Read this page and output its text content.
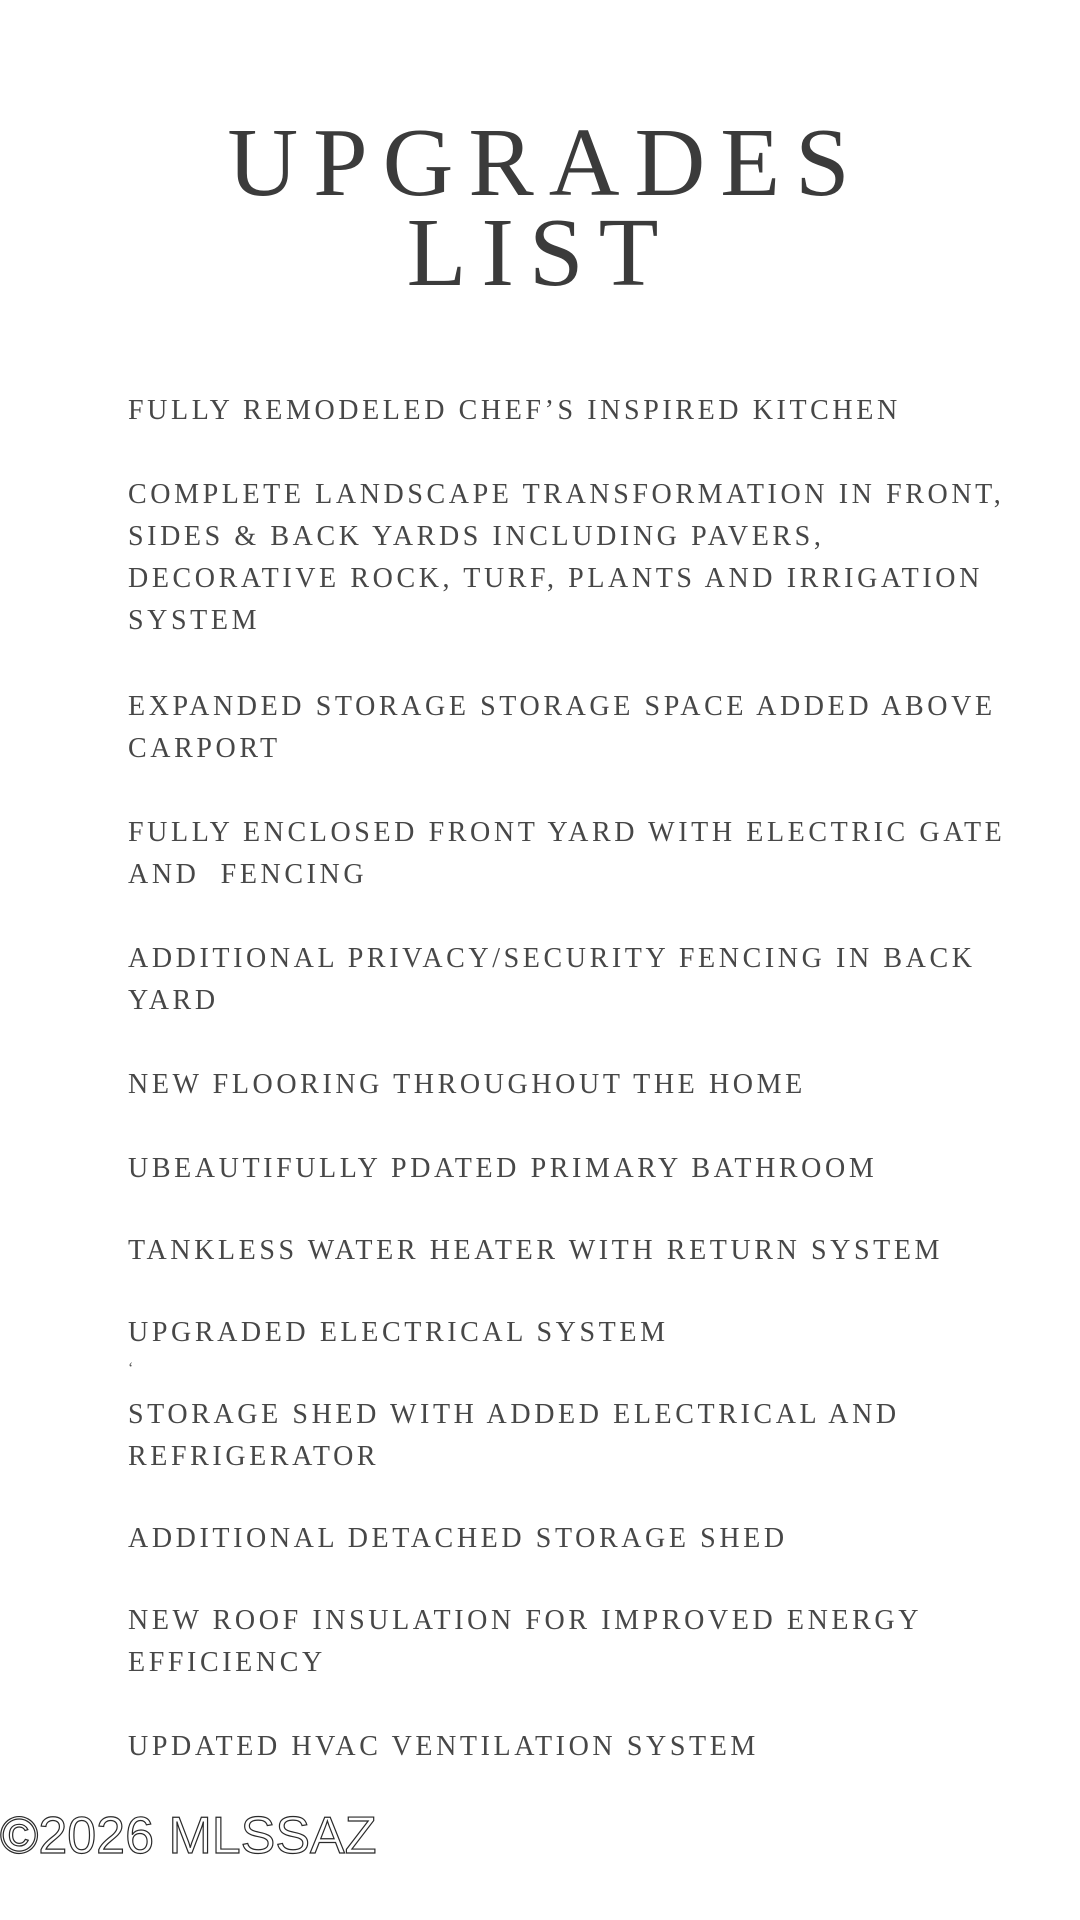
UPGRADES
LIST
FULLY REMODELED CHEF’S INSPIRED KITCHEN
COMPLETE LANDSCAPE TRANSFORMATION IN FRONT,
SIDES & BACK YARDS INCLUDING PAVERS,
DECORATIVE ROCK, TURF, PLANTS AND IRRIGATION
SYSTEM
EXPANDED STORAGE STORAGE SPACE ADDED ABOVE
CARPORT
FULLY ENCLOSED FRONT YARD WITH ELECTRIC GATE
AND  FENCING
ADDITIONAL PRIVACY/SECURITY FENCING IN BACK
YARD
NEW FLOORING THROUGHOUT THE HOME
UBEAUTIFULLY PDATED PRIMARY BATHROOM
TANKLESS WATER HEATER WITH RETURN SYSTEM
UPGRADED ELECTRICAL SYSTEM
STORAGE SHED WITH ADDED ELECTRICAL AND
REFRIGERATOR
ADDITIONAL DETACHED STORAGE SHED
NEW ROOF INSULATION FOR IMPROVED ENERGY
EFFICIENCY
UPDATED HVAC VENTILATION SYSTEM
‘
©2026 MLSSAZ
